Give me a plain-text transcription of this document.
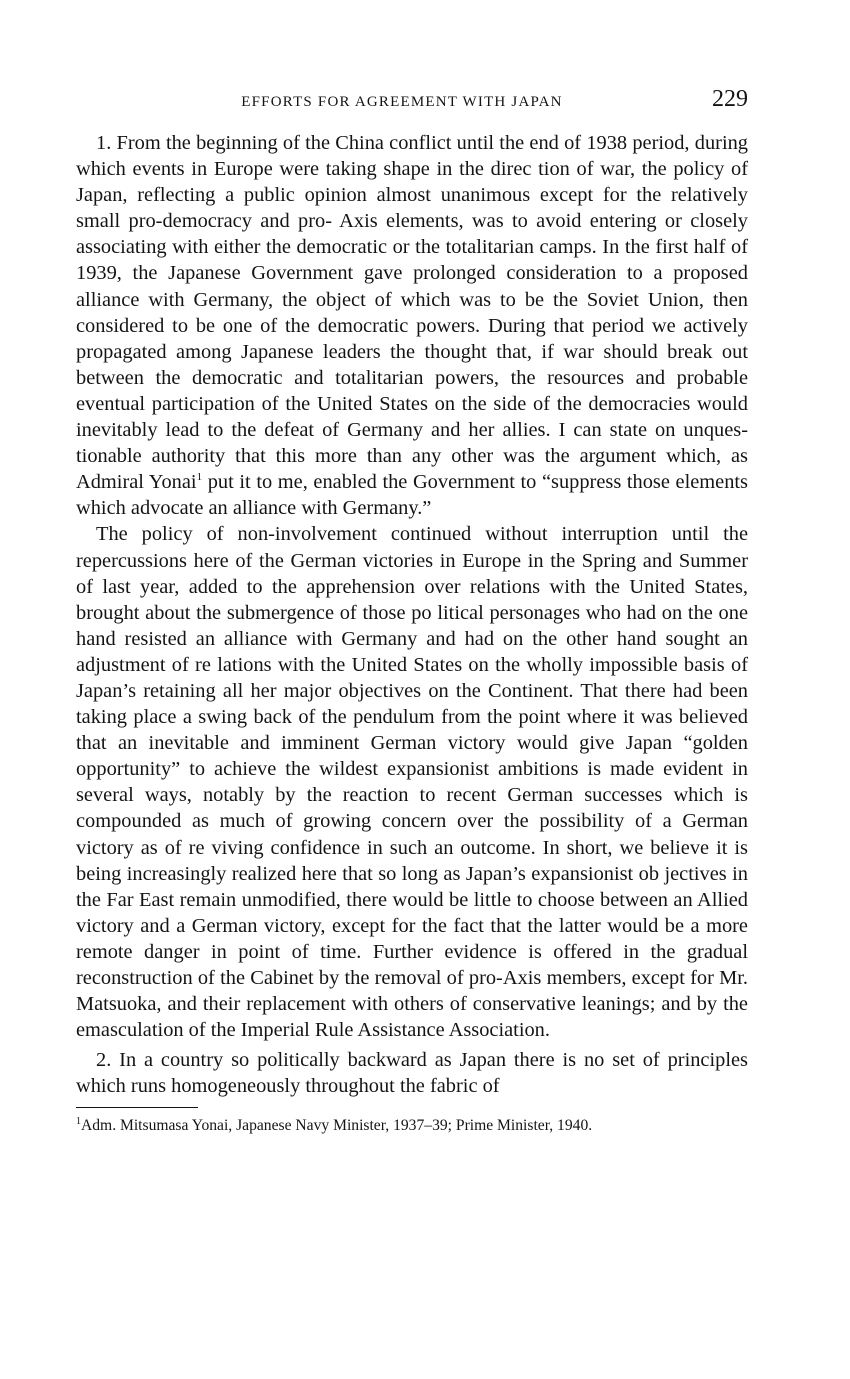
EFFORTS FOR AGREEMENT WITH JAPAN	229

1. From the beginning of the China conflict until the end of 1938 period, during which events in Europe were taking shape in the direc tion of war, the policy of Japan, reflecting a public opinion almost unanimous except for the relatively small pro-democracy and pro- Axis elements, was to avoid entering or closely associating with either the democratic or the totalitarian camps. In the first half of 1939, the Japanese Government gave prolonged consideration to a proposed alliance with Germany, the object of which was to be the Soviet Union, then considered to be one of the democratic powers. During that period we actively propagated among Japanese leaders the thought that, if war should break out between the democratic and totalitarian powers, the resources and probable eventual participation of the United States on the side of the democracies would inevitably lead to the defeat of Germany and her allies. I can state on unques tionable authority that this more than any other was the argument which, as Admiral Yonai$^1$ put it to me, enabled the Government to “suppress those elements which advocate an alliance with Germany.”

The policy of non-involvement continued without interruption until the repercussions here of the German victories in Europe in the Spring and Summer of last year, added to the apprehension over relations with the United States, brought about the submergence of those po litical personages who had on the one hand resisted an alliance with Germany and had on the other hand sought an adjustment of re lations with the United States on the wholly impossible basis of Japan’s retaining all her major objectives on the Continent. That there had been taking place a swing back of the pendulum from the point where it was believed that an inevitable and imminent German victory would give Japan “golden opportunity” to achieve the wildest expansionist ambitions is made evident in several ways, notably by the reaction to recent German successes which is compounded as much of growing concern over the possibility of a German victory as of re viving confidence in such an outcome. In short, we believe it is being increasingly realized here that so long as Japan’s expansionist ob jectives in the Far East remain unmodified, there would be little to choose between an Allied victory and a German victory, except for the fact that the latter would be a more remote danger in point of time. Further evidence is offered in the gradual reconstruction of the Cabinet by the removal of pro-Axis members, except for Mr. Matsuoka, and their replacement with others of conservative leanings; and by the emasculation of the Imperial Rule Assistance Association.

2. In a country so politically backward as Japan there is no set of principles which runs homogeneously throughout the fabric of

$^1$Adm. Mitsumasa Yonai, Japanese Navy Minister, 1937–39; Prime Minister, 1940.
